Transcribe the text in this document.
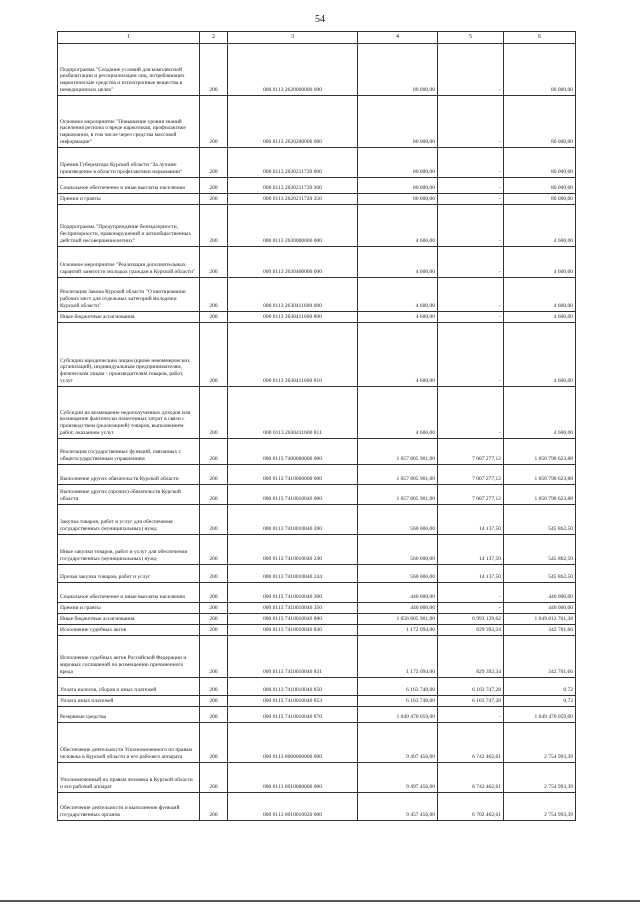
54
1	2	3	4	5	6
Подпрограмма "Создание условий для комплексной реабилитации и ресоциализации лиц, потребляющих наркотические средства и психотропные вещества в немедицинских целях"	200	000 0113 2620000000 000	80 000,00	-	80 000,00
Основное мероприятие "Повышение уровня знаний населения региона о вреде наркотиков, профилактике наркомании, в том числе через средства массовой информации"	200	000 0113 2620200000 000	80 000,00	-	80 000,00
Премия Губернатора Курской области "За лучшее произведение в области профилактики наркомании"	200	000 0113 2620211720 000	80 000,00	-	80 000,00
Социальное обеспечение и иные выплаты населению	200	000 0113 2620211720 300	80 000,00	-	80 000,00
Премии и гранты	200	000 0113 2620211720 350	80 000,00	-	80 000,00
Подпрограмма "Предупреждение безнадзорности, беспризорности, правонарушений и антиобщественных действий несовершеннолетних"	200	000 0113 2630000000 000	4 600,00	-	4 600,00
Основное мероприятие "Реализация дополнительных гарантий занятости молодых граждан в Курской области"	200	000 0113 2630400000 000	4 600,00	-	4 600,00
Реализация Закона Курской области "О квотировании рабочих мест для отдельных категорий молодежи Курской области"	200	000 0113 2630411600 000	4 600,00	-	4 600,00
Иные бюджетные ассигнования	200	000 0113 2630411600 800	4 600,00	-	4 600,00
Субсидии юридическим лицам (кроме некоммерческих организаций), индивидуальным предпринимателям, физическим лицам - производителям товаров, работ, услуг	200	000 0113 2630411600 810	4 600,00	-	4 600,00
Субсидии на возмещение недополученных доходов или возмещение фактически понесенных затрат в связи с производством (реализацией) товаров, выполнением работ, оказанием услуг	200	000 0113 2630411600 811	4 600,00	-	4 600,00
Реализация государственных функций, связанных с общегосударственным управлением	200	000 0113 7400000000 000	1 057 805 901,00	7 007 277,12	1 050 798 623,88
Выполнение других обязательств Курской области	200	000 0113 7410000000 000	1 057 805 901,00	7 007 277,12	1 050 798 623,88
Выполнение других (прочих) обязательств Курской области	200	000 0113 7410010040 000	1 057 805 901,00	7 007 277,12	1 050 798 623,88
Закупка товаров, работ и услуг для обеспечения государственных (муниципальных) нужд	200	000 0113 7410010040 200	560 000,00	14 137,50	545 862,50
Иные закупки товаров, работ и услуг для обеспечения государственных (муниципальных) нужд	200	000 0113 7410010040 240	560 000,00	14 137,50	545 862,50
Прочая закупка товаров, работ и услуг	200	000 0113 7410010040 244	560 000,00	14 137,50	545 862,50
Социальное обеспечение и иные выплаты населению	200	000 0113 7410010040 300	440 000,00	-	440 000,00
Премии и гранты	200	000 0113 7410010040 350	440 000,00	-	440 000,00
Иные бюджетные ассигнования	200	000 0113 7410010040 800	1 056 805 901,00	6 993 139,62	1 049 812 761,38
Исполнение судебных актов	200	000 0113 7410010040 830	1 172 094,00	829 392,34	342 701,66
Исполнение судебных актов Российской Федерации и мировых соглашений по возмещению причиненного вреда	200	000 0113 7410010040 831	1 172 094,00	829 392,34	342 701,66
Уплата налогов, сборов и иных платежей	200	000 0113 7410010040 850	6 163 748,00	6 163 747,28	0,72
Уплата иных платежей	200	000 0113 7410010040 853	6 163 748,00	6 163 747,28	0,72
Резервные средства	200	000 0113 7410010040 870	1 049 470 059,00	-	1 049 470 059,00
Обеспечение деятельности Уполномоченного по правам человека в Курской области и его рабочего аппарата	200	000 0113 8000000000 000	9 497 456,00	6 742 462,61	2 754 993,39
Уполномоченный по правам человека в Курской области и его рабочий аппарат	200	000 0113 8010000000 000	9 497 456,00	6 742 462,61	2 754 993,39
Обеспечение деятельности и выполнение функций государственных органов	200	000 0113 8010010020 000	9 457 456,00	6 702 462,61	2 754 993,39
